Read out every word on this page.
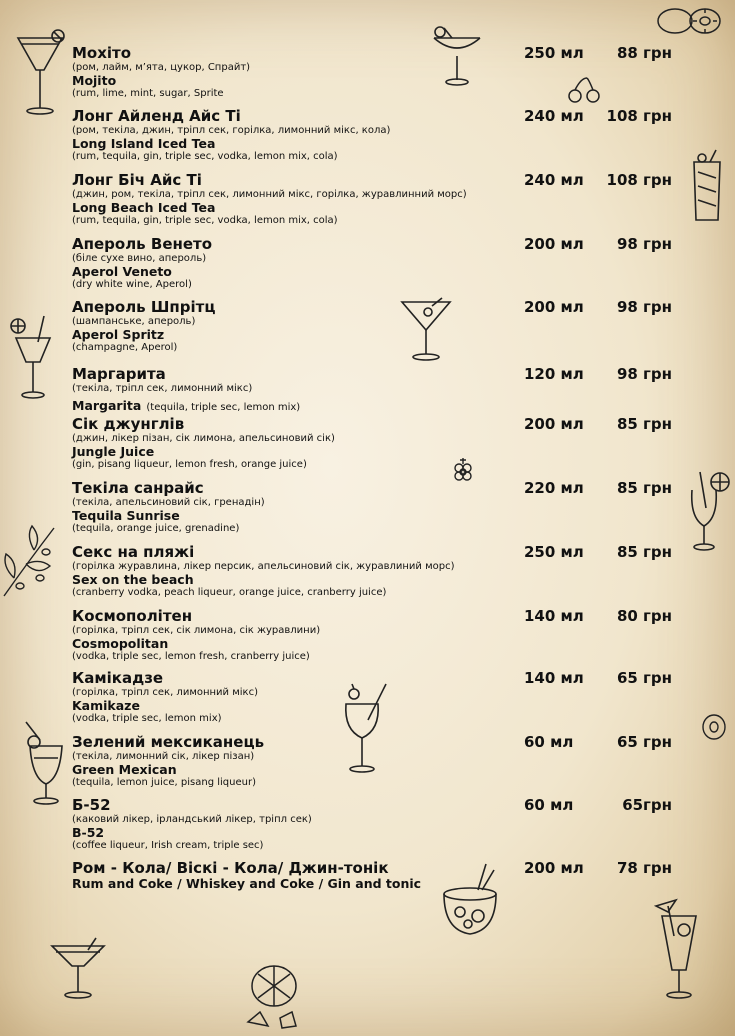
Мохіто
(ром, лайм, м’ята, цукор, Спрайт)
Mojito
(rum, lime, mint, sugar, Sprite
250 мл 88 грн
Лонг Айленд Айс Ті
(ром, текіла, джин, тріпл сек, горілка, лимонний мікс, кола)
Long Island Iced Tea
(rum, tequila, gin, triple sec, vodka, lemon mix, cola)
240 мл 108 грн
Лонг Біч Айс Ті
(джин, ром, текіла, тріпл сек, лимонний мікс, горілка, журавлинний морс)
Long Beach Iced Tea
(rum, tequila, gin, triple sec, vodka, lemon mix, cola)
240 мл 108 грн
Апероль Венето
(біле сухе вино, апероль)
Aperol Veneto
(dry white wine, Aperol)
200 мл 98 грн
Апероль Шпрітц
(шампанське, апероль)
Aperol Spritz
(champagne, Aperol)
200 мл 98 грн
Маргарита
(текіла, тріпл сек, лимонний мікс)
Margarita (tequila, triple sec, lemon mix)
120 мл 98 грн
Сік джунглів
(джин, лікер пізан, сік лимона, апельсиновий сік)
Jungle Juice
(gin, pisang liqueur, lemon fresh, orange juice)
200 мл 85 грн
Текіла санрайс
(текіла, апельсиновий сік, гренадін)
Tequila Sunrise
(tequila, orange juice, grenadine)
220 мл 85 грн
Секс на пляжі
(горілка журавлина, лікер персик, апельсиновий сік, журавлиний морс)
Sex on the beach
(cranberry vodka, peach liqueur, orange juice, cranberry juice)
250 мл 85 грн
Космополітен
(горілка, тріпл сек, сік лимона, сік журавлини)
Cosmopolitan
(vodka, triple sec, lemon fresh, cranberry juice)
140 мл 80 грн
Камікадзе
(горілка, тріпл сек, лимонний мікс)
Kamikaze
(vodka, triple sec, lemon mix)
140 мл 65 грн
Зелений мексиканець
(текіла, лимонний сік, лікер пізан)
Green Mexican
(tequila, lemon juice, pisang liqueur)
60 мл	65 грн
Б-52
(каковий лікер, ірландський лікер, тріпл сек)
B-52
(coffee liqueur, Irish cream, triple sec)
60 мл	65грн
Ром - Кола/ Віскі - Кола/ Джин-тонік
Rum and Coke / Whiskey and Coke / Gin and tonic
200 мл 78 грн
